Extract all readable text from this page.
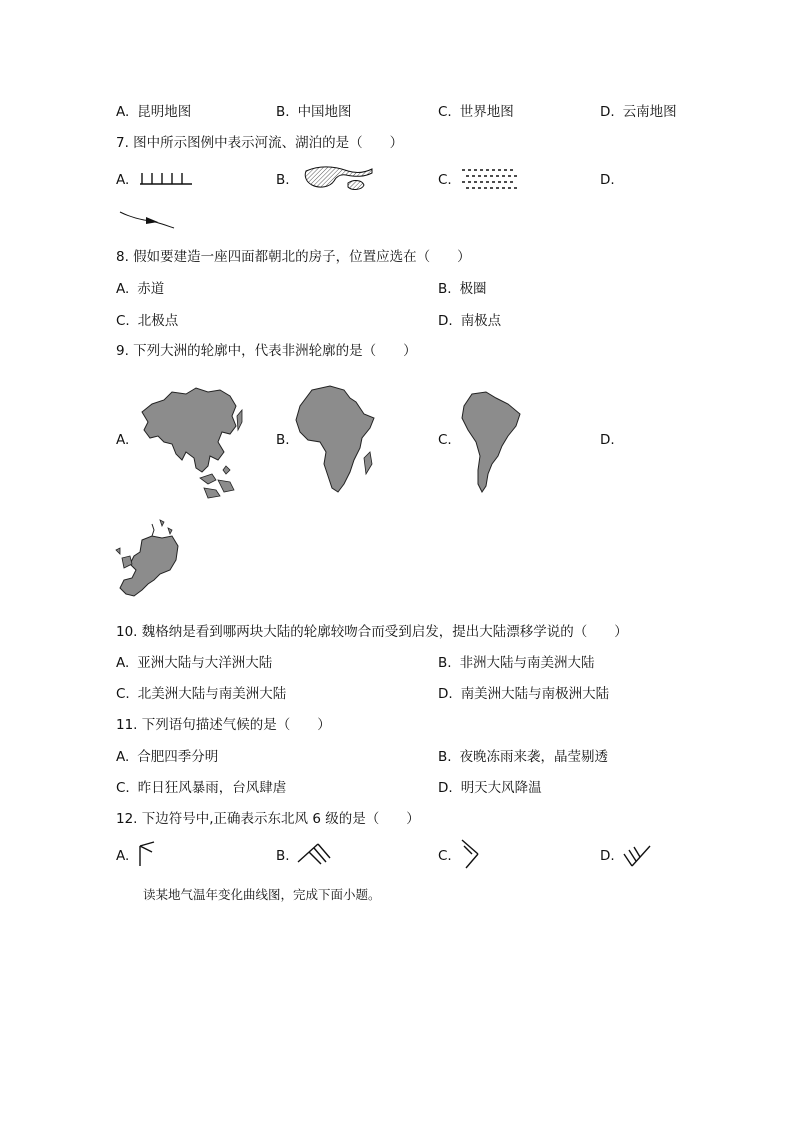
A. 昆明地图	B. 中国地图	C. 世界地图	D. 云南地图
7. 图中所示图例中表示河流、湖泊的是（　　）
A.	B.	C.	D.
8. 假如要建造一座四面都朝北的房子，位置应选在（　　）
A. 赤道	B. 极圈
C. 北极点	D. 南极点
9. 下列大洲的轮廓中，代表非洲轮廓的是（　　）
A.	B.	C.	D.
10. 魏格纳是看到哪两块大陆的轮廓较吻合而受到启发，提出大陆漂移学说的（　　）
A. 亚洲大陆与大洋洲大陆	B. 非洲大陆与南美洲大陆
C. 北美洲大陆与南美洲大陆	D. 南美洲大陆与南极洲大陆
11. 下列语句描述气候的是（　　）
A. 合肥四季分明	B. 夜晚冻雨来袭，晶莹剔透
C. 昨日狂风暴雨，台风肆虐	D. 明天大风降温
12. 下边符号中,正确表示东北风 6 级的是（　　）
A.	B.	C.	D.
读某地气温年变化曲线图，完成下面小题。
